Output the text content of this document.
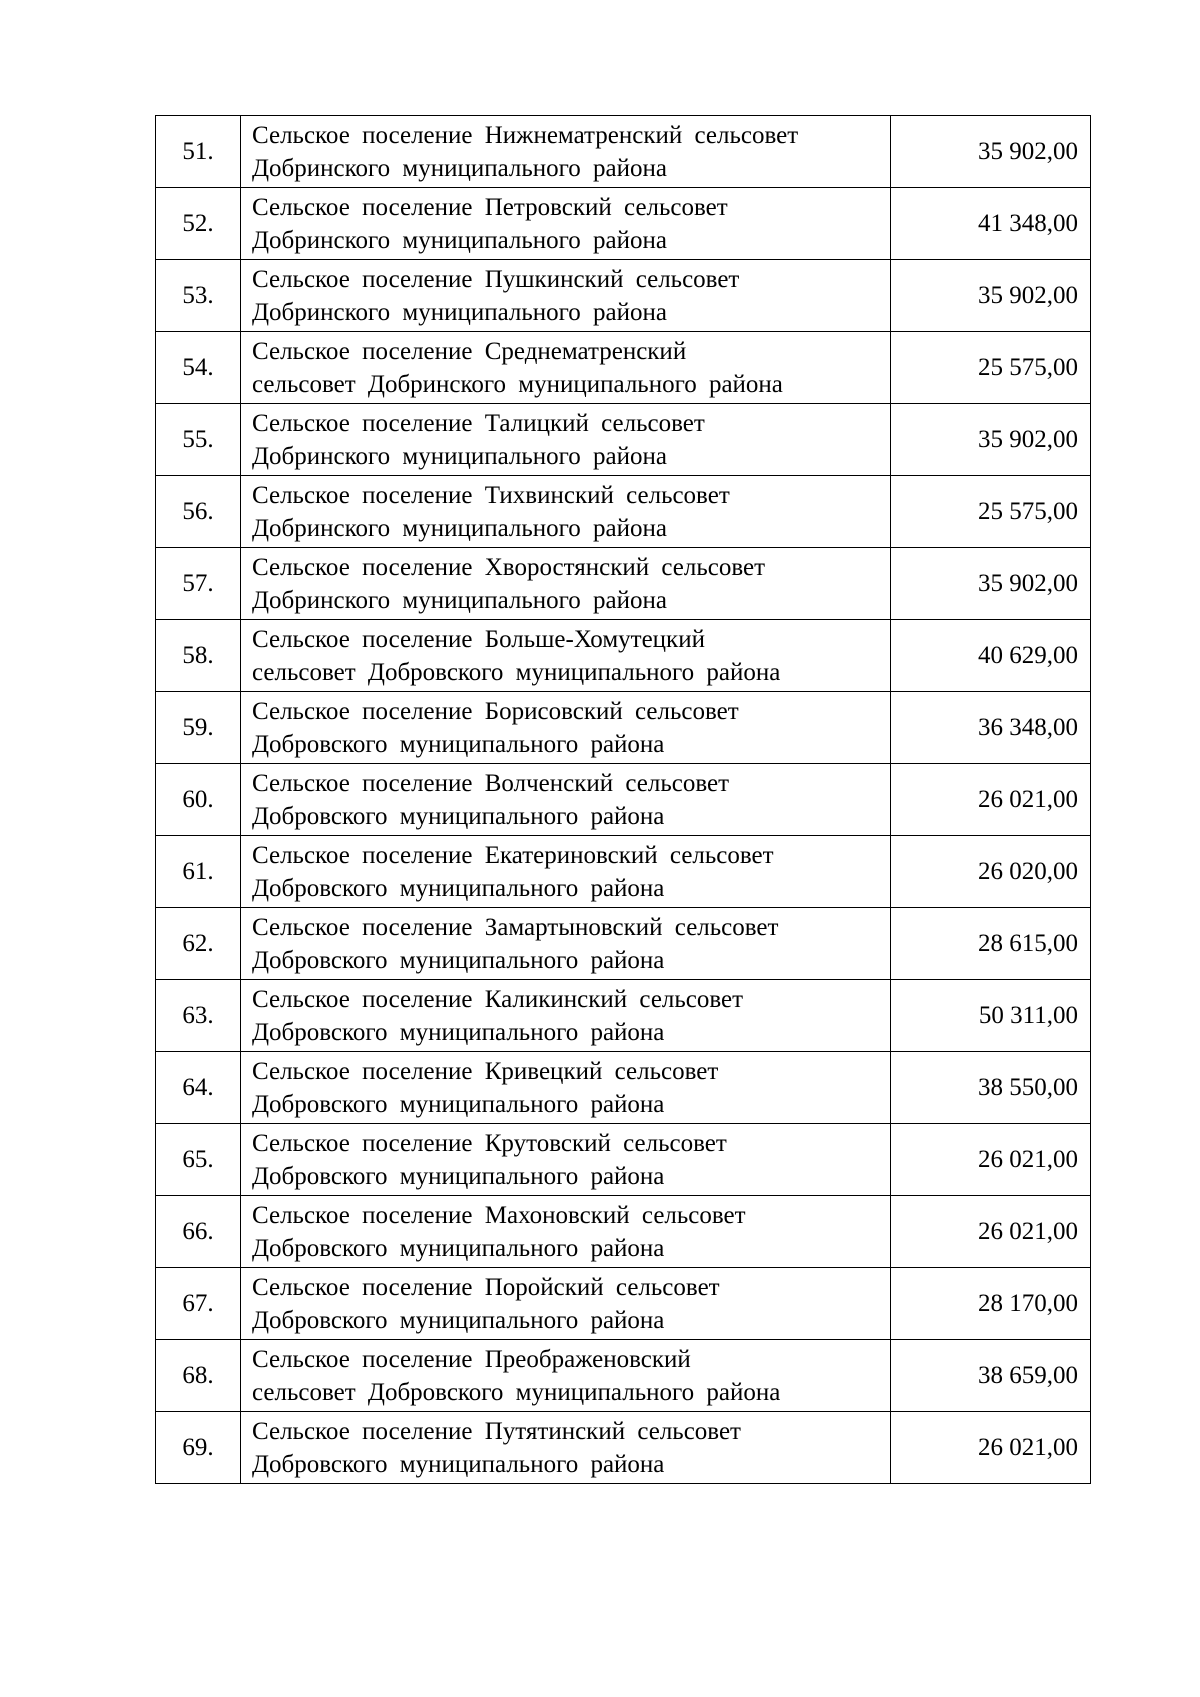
51.	Сельское поселение Нижнематренский сельсовет
Добринского муниципального района	35 902,00
52.	Сельское поселение Петровский сельсовет
Добринского муниципального района	41 348,00
53.	Сельское поселение Пушкинский сельсовет
Добринского муниципального района	35 902,00
54.	Сельское поселение Среднематренский
сельсовет Добринского муниципального района	25 575,00
55.	Сельское поселение Талицкий сельсовет
Добринского муниципального района	35 902,00
56.	Сельское поселение Тихвинский сельсовет
Добринского муниципального района	25 575,00
57.	Сельское поселение Хворостянский сельсовет
Добринского муниципального района	35 902,00
58.	Сельское поселение Больше-Хомутецкий
сельсовет Добровского муниципального района	40 629,00
59.	Сельское поселение Борисовский сельсовет
Добровского муниципального района	36 348,00
60.	Сельское поселение Волченский сельсовет
Добровского муниципального района	26 021,00
61.	Сельское поселение Екатериновский сельсовет
Добровского муниципального района	26 020,00
62.	Сельское поселение Замартыновский сельсовет
Добровского муниципального района	28 615,00
63.	Сельское поселение Каликинский сельсовет
Добровского муниципального района	50 311,00
64.	Сельское поселение Кривецкий сельсовет
Добровского муниципального района	38 550,00
65.	Сельское поселение Крутовский сельсовет
Добровского муниципального района	26 021,00
66.	Сельское поселение Махоновский сельсовет
Добровского муниципального района	26 021,00
67.	Сельское поселение Поройский сельсовет
Добровского муниципального района	28 170,00
68.	Сельское поселение Преображеновский
сельсовет Добровского муниципального района	38 659,00
69.	Сельское поселение Путятинский сельсовет
Добровского муниципального района	26 021,00
